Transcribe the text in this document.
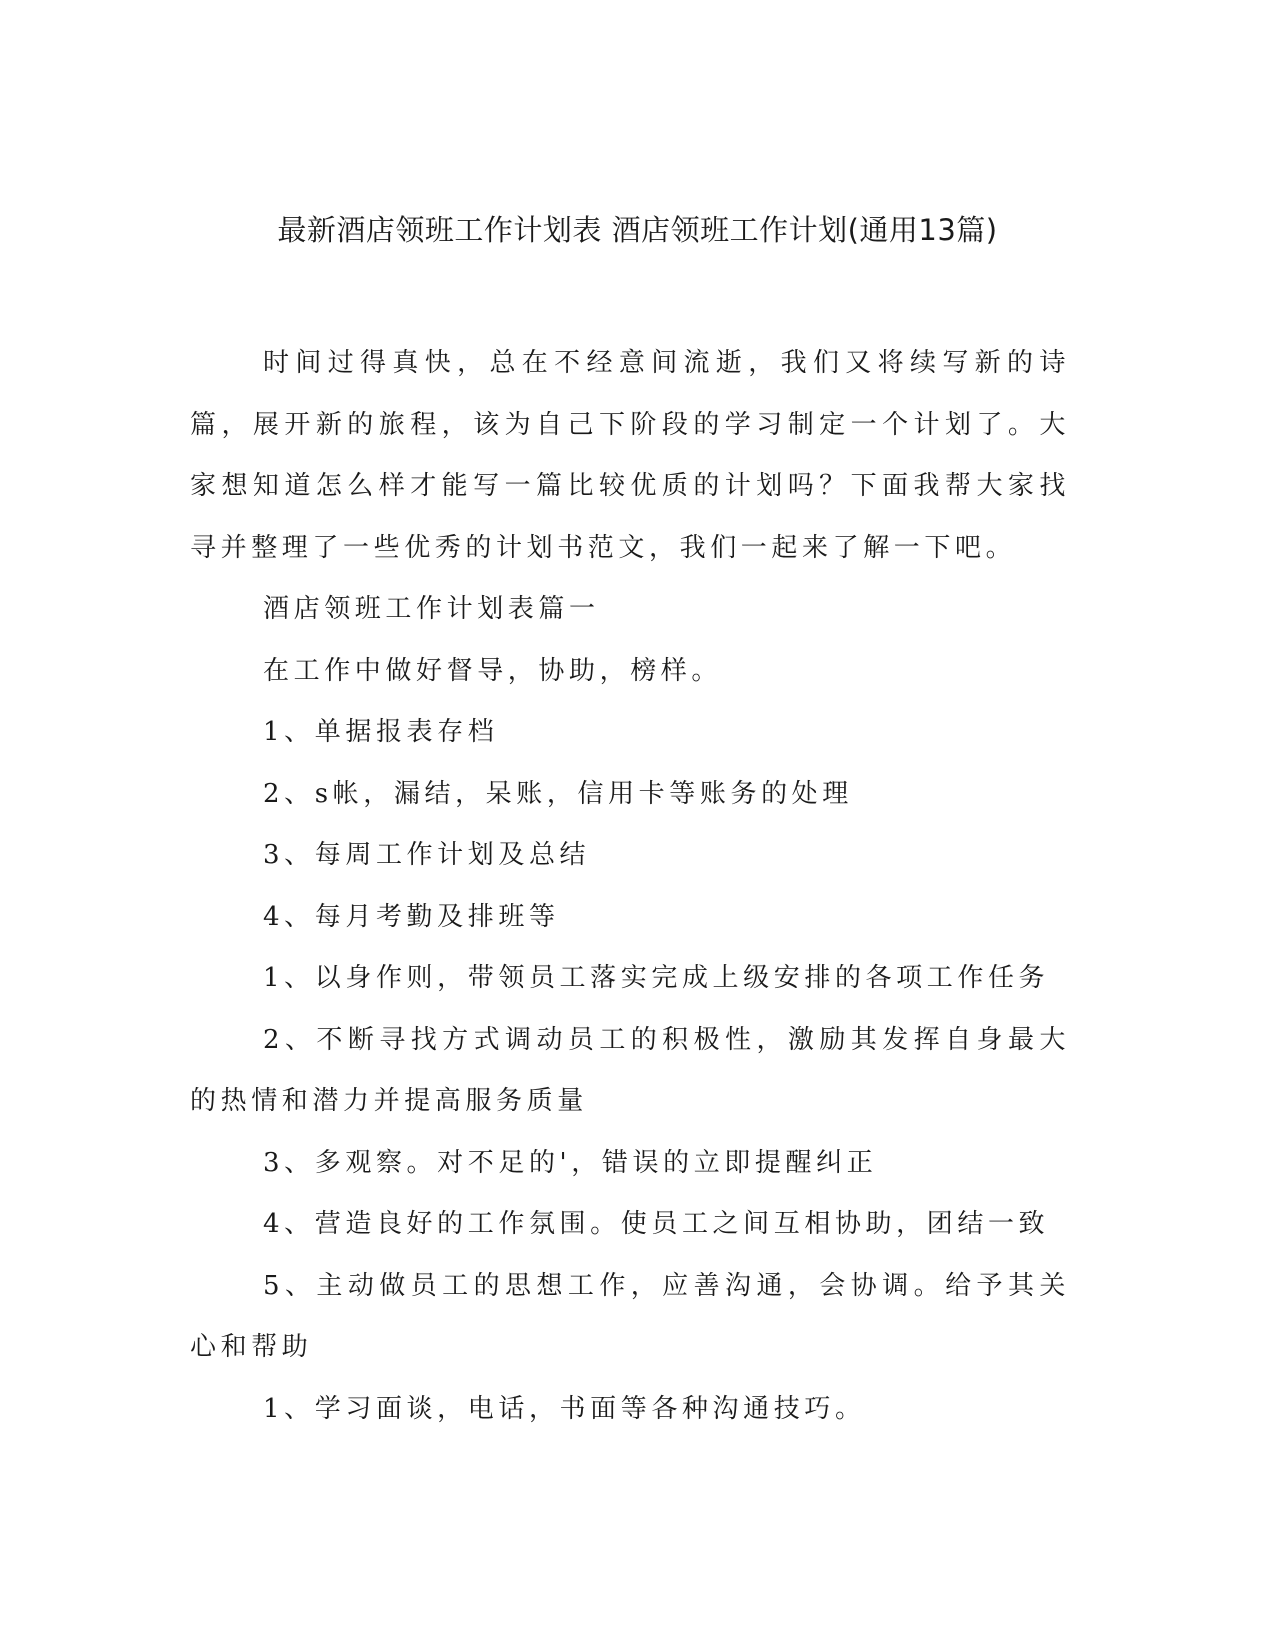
最新酒店领班工作计划表 酒店领班工作计划(通用13篇)

时间过得真快，总在不经意间流逝，我们又将续写新的诗篇，展开新的旅程，该为自己下阶段的学习制定一个计划了。大家想知道怎么样才能写一篇比较优质的计划吗？下面我帮大家找寻并整理了一些优秀的计划书范文，我们一起来了解一下吧。

酒店领班工作计划表篇一

在工作中做好督导，协助，榜样。

1、单据报表存档

2、s帐，漏结，呆账，信用卡等账务的处理

3、每周工作计划及总结

4、每月考勤及排班等

1、以身作则，带领员工落实完成上级安排的各项工作任务

2、不断寻找方式调动员工的积极性，激励其发挥自身最大的热情和潜力并提高服务质量

3、多观察。对不足的'，错误的立即提醒纠正

4、营造良好的工作氛围。使员工之间互相协助，团结一致

5、主动做员工的思想工作，应善沟通，会协调。给予其关心和帮助

1、学习面谈，电话，书面等各种沟通技巧。
